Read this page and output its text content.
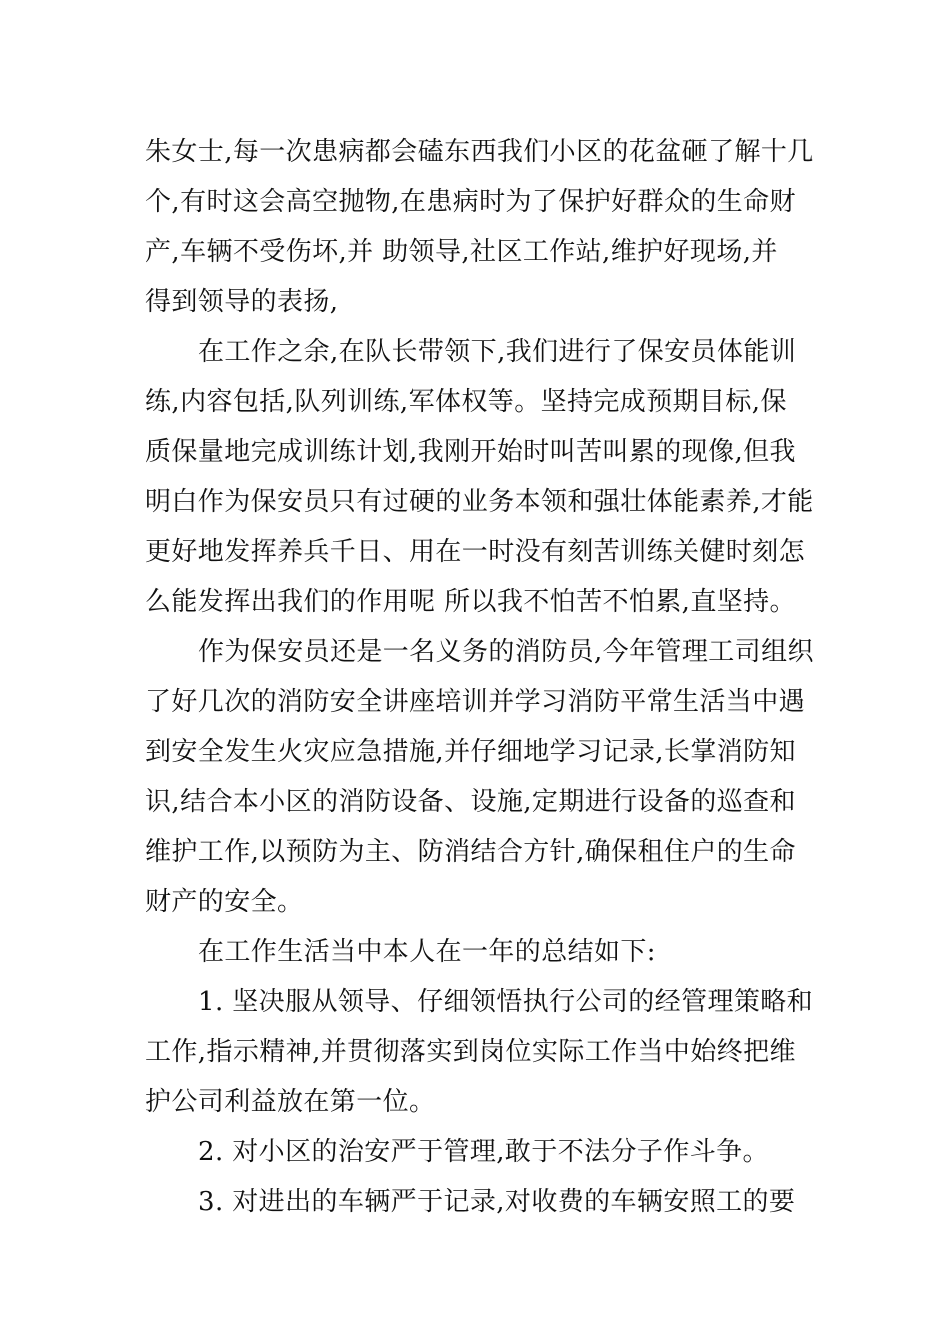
朱女士,每一次患病都会磕东西我们小区的花盆砸了解十几
个,有时这会高空抛物,在患病时为了保护好群众的生命财
产,车辆不受伤坏,并 助领导,社区工作站,维护好现场,并
得到领导的表扬,
在工作之余,在队长带领下,我们进行了保安员体能训
练,内容包括,队列训练,军体权等。坚持完成预期目标,保
质保量地完成训练计划,我刚开始时叫苦叫累的现像,但我
明白作为保安员只有过硬的业务本领和强壮体能素养,才能
更好地发挥养兵千日、用在一时没有刻苦训练关健时刻怎
么能发挥出我们的作用呢 所以我不怕苦不怕累,直坚持。
作为保安员还是一名义务的消防员,今年管理工司组织
了好几次的消防安全讲座培训并学习消防平常生活当中遇
到安全发生火灾应急措施,并仔细地学习记录,长掌消防知
识,结合本小区的消防设备、设施,定期进行设备的巡查和
维护工作,以预防为主、防消结合方针,确保租住户的生命
财产的安全。
在工作生活当中本人在一年的总结如下:
1. 坚决服从领导、仔细领悟执行公司的经管理策略和
工作,指示精神,并贯彻落实到岗位实际工作当中始终把维
护公司利益放在第一位。
2. 对小区的治安严于管理,敢于不法分子作斗争。
3. 对进出的车辆严于记录,对收费的车辆安照工的要
